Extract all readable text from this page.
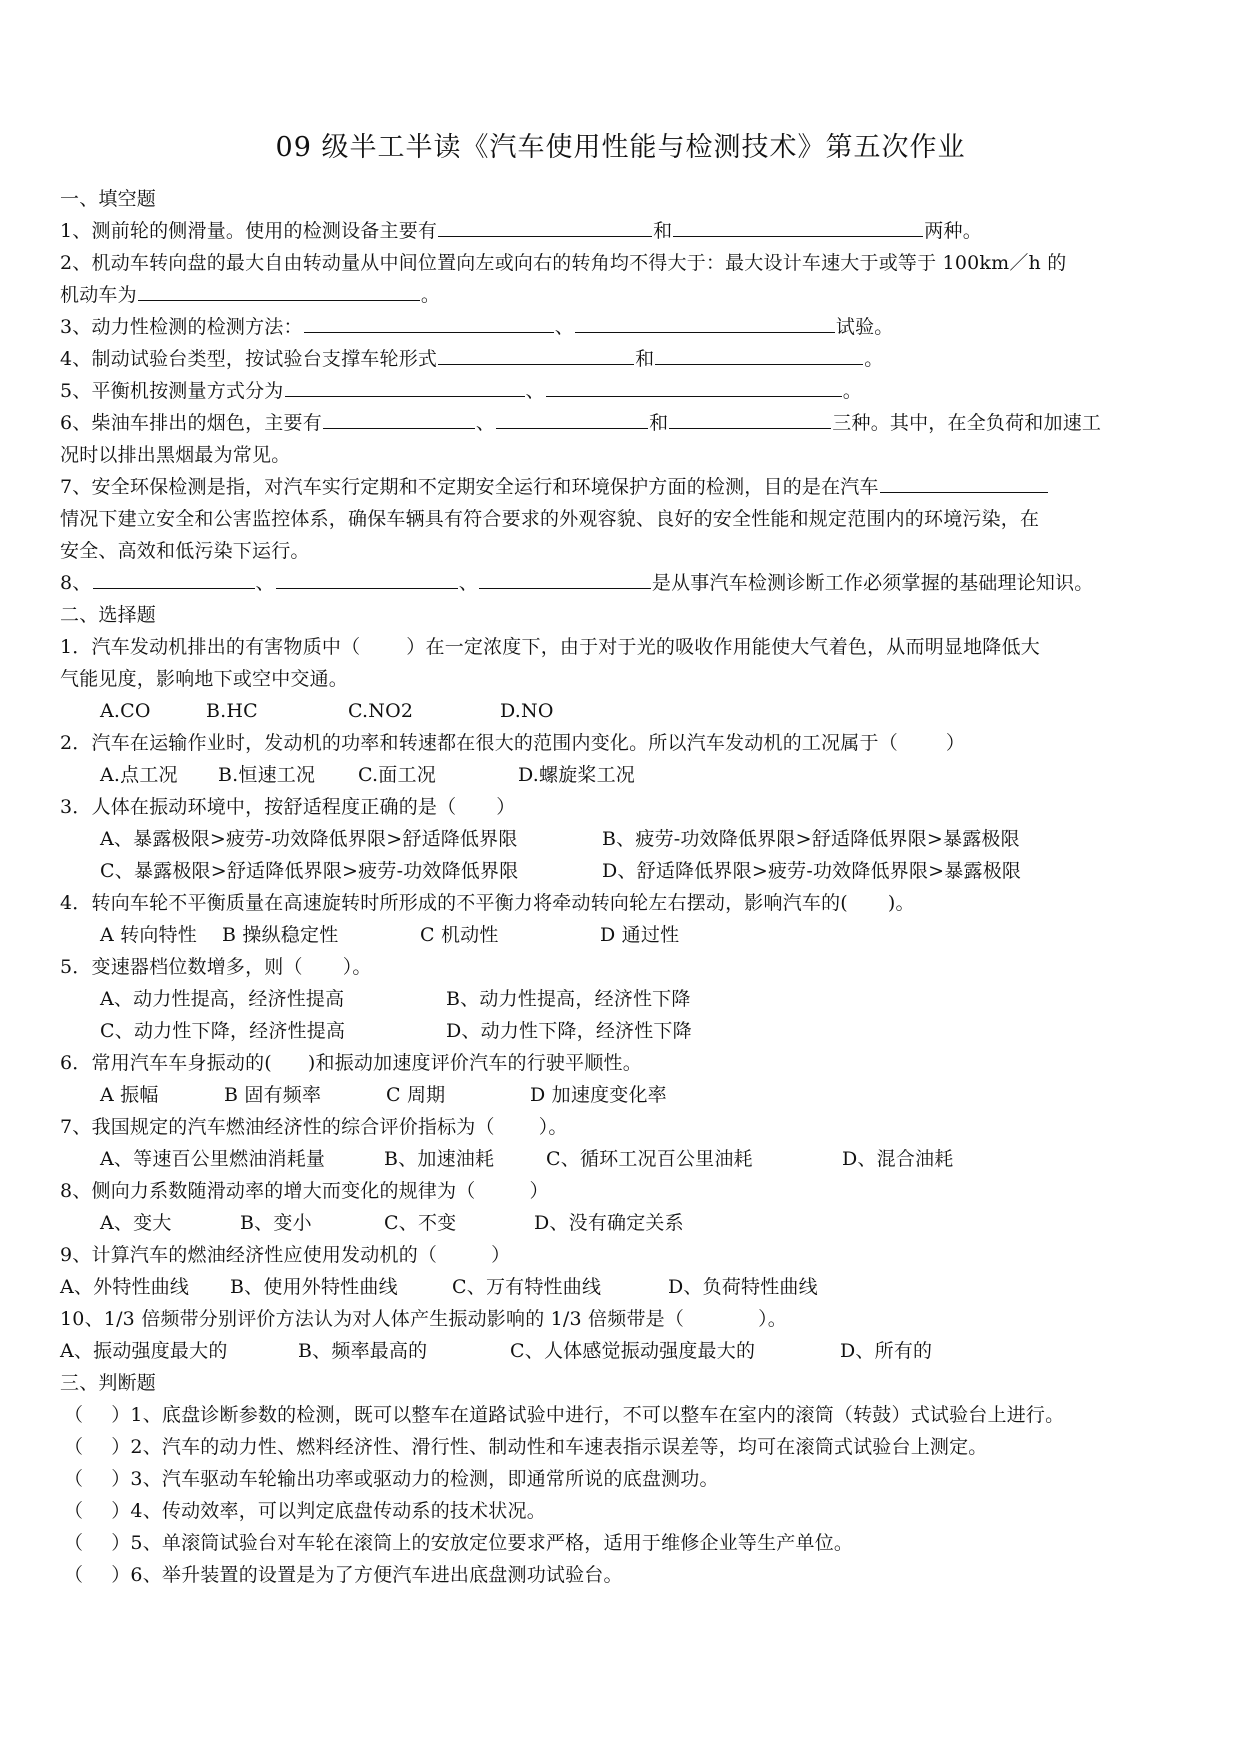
09 级半工半读《汽车使用性能与检测技术》第五次作业
一、填空题
1、测前轮的侧滑量。使用的检测设备主要有	和	两种。
2、机动车转向盘的最大自由转动量从中间位置向左或向右的转角均不得大于：最大设计车速大于或等于 100km／h 的
机动车为	。
3、动力性检测的检测方法：	、	试验。
4、制动试验台类型，按试验台支撑车轮形式	和	。
5、平衡机按测量方式分为	、	。
6、柴油车排出的烟色，主要有	、	和	三种。其中，在全负荷和加速工
况时以排出黑烟最为常见。
7、安全环保检测是指，对汽车实行定期和不定期安全运行和环境保护方面的检测，目的是在汽车
情况下建立安全和公害监控体系，确保车辆具有符合要求的外观容貌、良好的安全性能和规定范围内的环境污染，在
安全、高效和低污染下运行。
8、	、	、	是从事汽车检测诊断工作必须掌握的基础理论知识。
二、选择题
1．汽车发动机排出的有害物质中（ ）在一定浓度下，由于对于光的吸收作用能使大气着色，从而明显地降低大
气能见度，影响地下或空中交通。
A.CO	B.HC	C.NO2	D.NO
2．汽车在运输作业时，发动机的功率和转速都在很大的范围内变化。所以汽车发动机的工况属于（	）
A.点工况 B.恒速工况 C.面工况	D.螺旋桨工况
3．人体在振动环境中，按舒适程度正确的是（ ）
A、暴露极限>疲劳-功效降低界限>舒适降低界限	B、疲劳-功效降低界限>舒适降低界限>暴露极限
C、暴露极限>舒适降低界限>疲劳-功效降低界限	D、舒适降低界限>疲劳-功效降低界限>暴露极限
4．转向车轮不平衡质量在高速旋转时所形成的不平衡力将牵动转向轮左右摆动，影响汽车的( )。
A 转向特性 B 操纵稳定性	C 机动性	D 通过性
5．变速器档位数增多，则（ ）。
A、动力性提高，经济性提高	B、动力性提高，经济性下降
C、动力性下降，经济性提高	D、动力性下降，经济性下降
6．常用汽车车身振动的( )和振动加速度评价汽车的行驶平顺性。
A 振幅	B 固有频率	C 周期	D 加速度变化率
7、我国规定的汽车燃油经济性的综合评价指标为（ ）。
A、等速百公里燃油消耗量	B、加速油耗	C、循环工况百公里油耗	D、混合油耗
8、侧向力系数随滑动率的增大而变化的规律为（	）
A、变大	B、变小	C、不变	D、没有确定关系
9、计算汽车的燃油经济性应使用发动机的（	）
A、外特性曲线 B、使用外特性曲线	C、万有特性曲线	D、负荷特性曲线
10、1/3 倍频带分别评价方法认为对人体产生振动影响的 1/3 倍频带是（	）。
A、振动强度最大的	B、频率最高的	C、人体感觉振动强度最大的	D、所有的
三、判断题
（ ）1、底盘诊断参数的检测，既可以整车在道路试验中进行，不可以整车在室内的滚筒（转鼓）式试验台上进行。
（ ）2、汽车的动力性、燃料经济性、滑行性、制动性和车速表指示误差等，均可在滚筒式试验台上测定。
（ ）3、汽车驱动车轮输出功率或驱动力的检测，即通常所说的底盘测功。
（ ）4、传动效率，可以判定底盘传动系的技术状况。
（ ）5、单滚筒试验台对车轮在滚筒上的安放定位要求严格，适用于维修企业等生产单位。
（ ）6、举升装置的设置是为了方便汽车进出底盘测功试验台。
